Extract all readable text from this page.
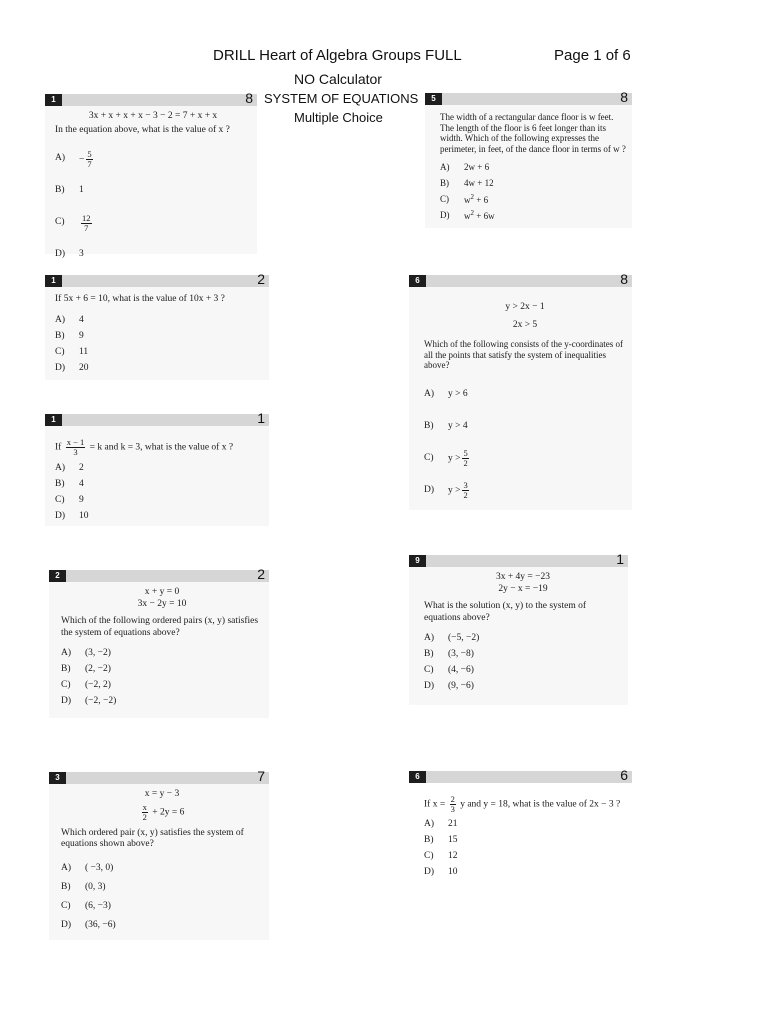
DRILL Heart of Algebra Groups FULL	Page 1 of 6
NO Calculator
SYSTEM OF EQUATIONS
Multiple Choice
1	8
3x + x + x + x − 3 − 2 = 7 + x + x
In the equation above, what is the value of x ?
A)	− $\frac{5}{7}$
B)	1
C)	$\frac{12}{7}$
D)	3
1	2
If 5x + 6 = 10, what is the value of 10x + 3 ?
A)	4
B)	9
C)	11
D)	20
1	1
If $\frac{x - 1}{3} = k$ and k = 3, what is the value of x ?
A)	2
B)	4
C)	9
D)	10
2	2
x + y = 0
3x − 2y = 10
Which of the following ordered pairs (x, y) satisfies the system of equations above?
A)	(3, −2)
B)	(2, −2)
C)	(−2, 2)
D)	(−2, −2)
3	7
x = y − 3
$\frac{x}{2} + 2y = 6$
Which ordered pair (x, y) satisfies the system of equations shown above?
A)	( −3, 0)
B)	(0, 3)
C)	(6, −3)
D)	(36, −6)
5	8
The width of a rectangular dance floor is w feet. The length of the floor is 6 feet longer than its width. Which of the following expresses the perimeter, in feet, of the dance floor in terms of w ?
A)	2w + 6
B)	4w + 12
C)	$w^2 + 6$
D)	$w^2 + 6w$
6	8
y > 2x − 1
2x > 5
Which of the following consists of the y-coordinates of all the points that satisfy the system of inequalities above?
A)	y > 6
B)	y > 4
C)	$y > \frac{5}{2}$
D)	$y > \frac{3}{2}$
9	1
3x + 4y = −23
2y − x = −19
What is the solution (x, y) to the system of equations above?
A)	(−5, −2)
B)	(3, −8)
C)	(4, −6)
D)	(9, −6)
6	6
If $x = \frac{2}{3}$ y and y = 18, what is the value of 2x − 3 ?
A)	21
B)	15
C)	12
D)	10
